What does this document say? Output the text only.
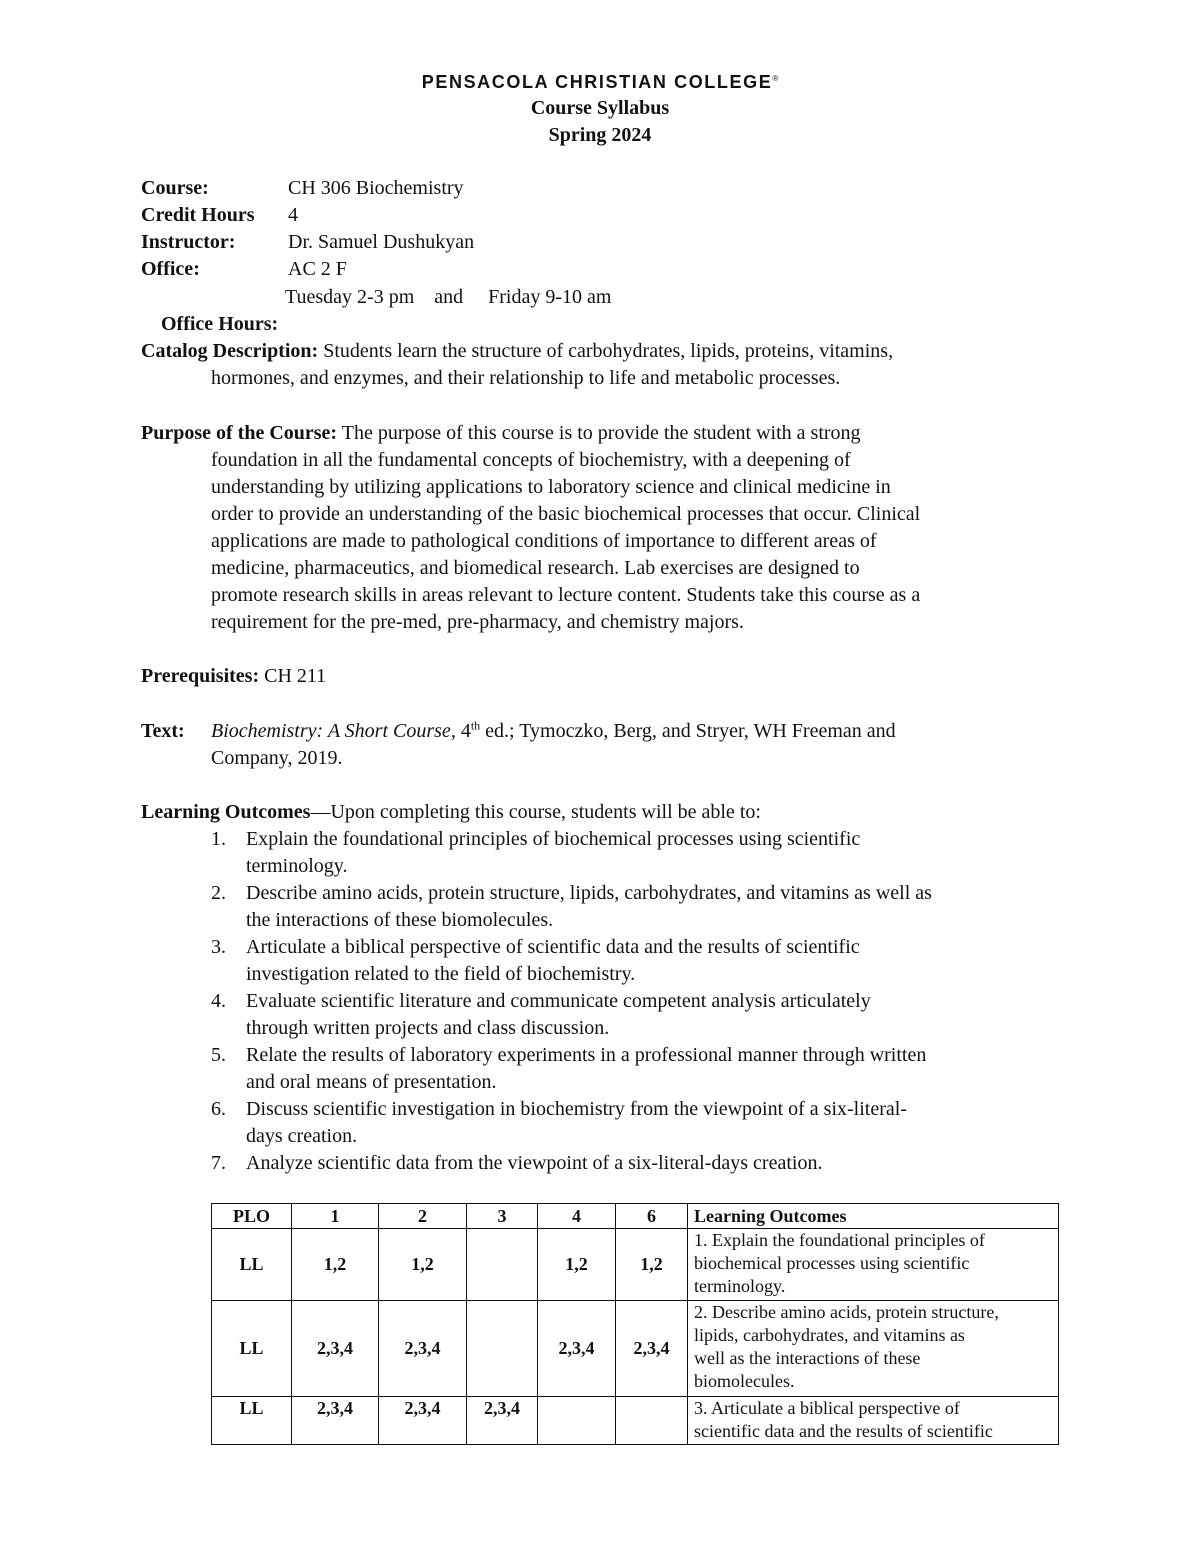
PENSACOLA CHRISTIAN COLLEGE®
Course Syllabus
Spring 2024
Course:	CH 306 Biochemistry
Credit Hours 4
Instructor:	Dr. Samuel Dushukyan
Office:	AC 2 F

Office Hours:

Tuesday 2-3 pm    and     Friday 9-10 am

Catalog Description: Students learn the structure of carbohydrates, lipids, proteins, vitamins,
hormones, and enzymes, and their relationship to life and metabolic processes.
Purpose of the Course: The purpose of this course is to provide the student with a strong
foundation in all the fundamental concepts of biochemistry, with a deepening of
understanding by utilizing applications to laboratory science and clinical medicine in
order to provide an understanding of the basic biochemical processes that occur. Clinical
applications are made to pathological conditions of importance to different areas of
medicine, pharmaceutics, and biomedical research. Lab exercises are designed to
promote research skills in areas relevant to lecture content. Students take this course as a
requirement for the pre-med, pre-pharmacy, and chemistry majors.
Prerequisites: CH 211
Text: Biochemistry: A Short Course, 4th ed.; Tymoczko, Berg, and Stryer, WH Freeman and
Company, 2019.
Learning Outcomes—Upon completing this course, students will be able to:
1. Explain the foundational principles of biochemical processes using scientific
terminology.
2. Describe amino acids, protein structure, lipids, carbohydrates, and vitamins as well as
the interactions of these biomolecules.
3. Articulate a biblical perspective of scientific data and the results of scientific
investigation related to the field of biochemistry.
4. Evaluate scientific literature and communicate competent analysis articulately
through written projects and class discussion.
5. Relate the results of laboratory experiments in a professional manner through written
and oral means of presentation.
6. Discuss scientific investigation in biochemistry from the viewpoint of a six-literal-
days creation.
7. Analyze scientific data from the viewpoint of a six-literal-days creation.
PLO	1	2	3	4	6	Learning Outcomes
LL	1,2	1,2		1,2	1,2	1. Explain the foundational principles of
biochemical processes using scientific
terminology.

LL	2,3,4	2,3,4		2,3,4	2,3,4	2. Describe amino acids, protein structure,
lipids, carbohydrates, and vitamins as
well as the interactions of these
biomolecules.

LL	2,3,4	2,3,4	2,3,4			3. Articulate a biblical perspective of
scientific data and the results of scientific
